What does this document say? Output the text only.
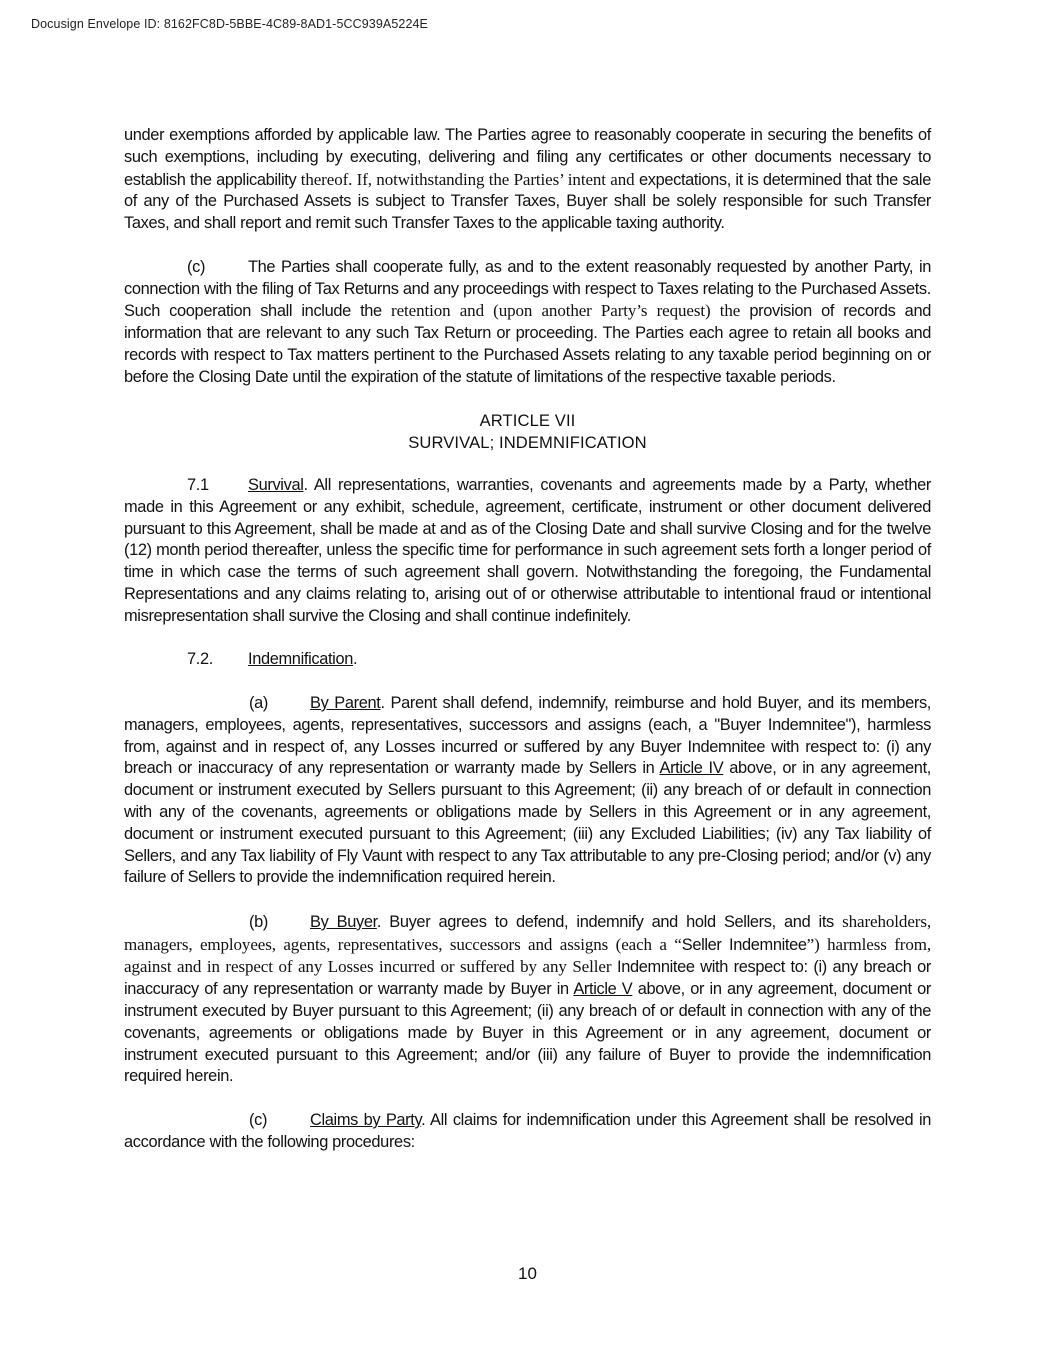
Docusign Envelope ID: 8162FC8D-5BBE-4C89-8AD1-5CC939A5224E

under exemptions afforded by applicable law. The Parties agree to reasonably cooperate in securing the benefits of such exemptions, including by executing, delivering and filing any certificates or other documents necessary to establish the applicability thereof. If, notwithstanding the Parties’ intent and expectations, it is determined that the sale of any of the Purchased Assets is subject to Transfer Taxes, Buyer shall be solely responsible for such Transfer Taxes, and shall report and remit such Transfer Taxes to the applicable taxing authority.

(c)	The Parties shall cooperate fully, as and to the extent reasonably requested by another Party, in connection with the filing of Tax Returns and any proceedings with respect to Taxes relating to the Purchased Assets. Such cooperation shall include the retention and (upon another Party’s request) the provision of records and information that are relevant to any such Tax Return or proceeding. The Parties each agree to retain all books and records with respect to Tax matters pertinent to the Purchased Assets relating to any taxable period beginning on or before the Closing Date until the expiration of the statute of limitations of the respective taxable periods.

ARTICLE VII
SURVIVAL; INDEMNIFICATION

7.1 Survival. All representations, warranties, covenants and agreements made by a Party, whether made in this Agreement or any exhibit, schedule, agreement, certificate, instrument or other document delivered pursuant to this Agreement, shall be made at and as of the Closing Date and shall survive Closing and for the twelve (12) month period thereafter, unless the specific time for performance in such agreement sets forth a longer period of time in which case the terms of such agreement shall govern. Notwithstanding the foregoing, the Fundamental Representations and any claims relating to, arising out of or otherwise attributable to intentional fraud or intentional misrepresentation shall survive the Closing and shall continue indefinitely.

7.2. Indemnification.

(a)	By Parent. Parent shall defend, indemnify, reimburse and hold Buyer, and its members, managers, employees, agents, representatives, successors and assigns (each, a "Buyer Indemnitee"), harmless from, against and in respect of, any Losses incurred or suffered by any Buyer Indemnitee with respect to: (i) any breach or inaccuracy of any representation or warranty made by Sellers in Article IV above, or in any agreement, document or instrument executed by Sellers pursuant to this Agreement; (ii) any breach of or default in connection with any of the covenants, agreements or obligations made by Sellers in this Agreement or in any agreement, document or instrument executed pursuant to this Agreement; (iii) any Excluded Liabilities; (iv) any Tax liability of Sellers, and any Tax liability of Fly Vaunt with respect to any Tax attributable to any pre-Closing period; and/or (v) any failure of Sellers to provide the indemnification required herein.

(b)	By Buyer. Buyer agrees to defend, indemnify and hold Sellers, and its shareholders, managers, employees, agents, representatives, successors and assigns (each a “Seller Indemnitee”) harmless from, against and in respect of any Losses incurred or suffered by any Seller Indemnitee with respect to: (i) any breach or inaccuracy of any representation or warranty made by Buyer in Article V above, or in any agreement, document or instrument executed by Buyer pursuant to this Agreement; (ii) any breach of or default in connection with any of the covenants, agreements or obligations made by Buyer in this Agreement or in any agreement, document or instrument executed pursuant to this Agreement; and/or (iii) any failure of Buyer to provide the indemnification required herein.

(c)	Claims by Party. All claims for indemnification under this Agreement shall be resolved in accordance with the following procedures:

10
